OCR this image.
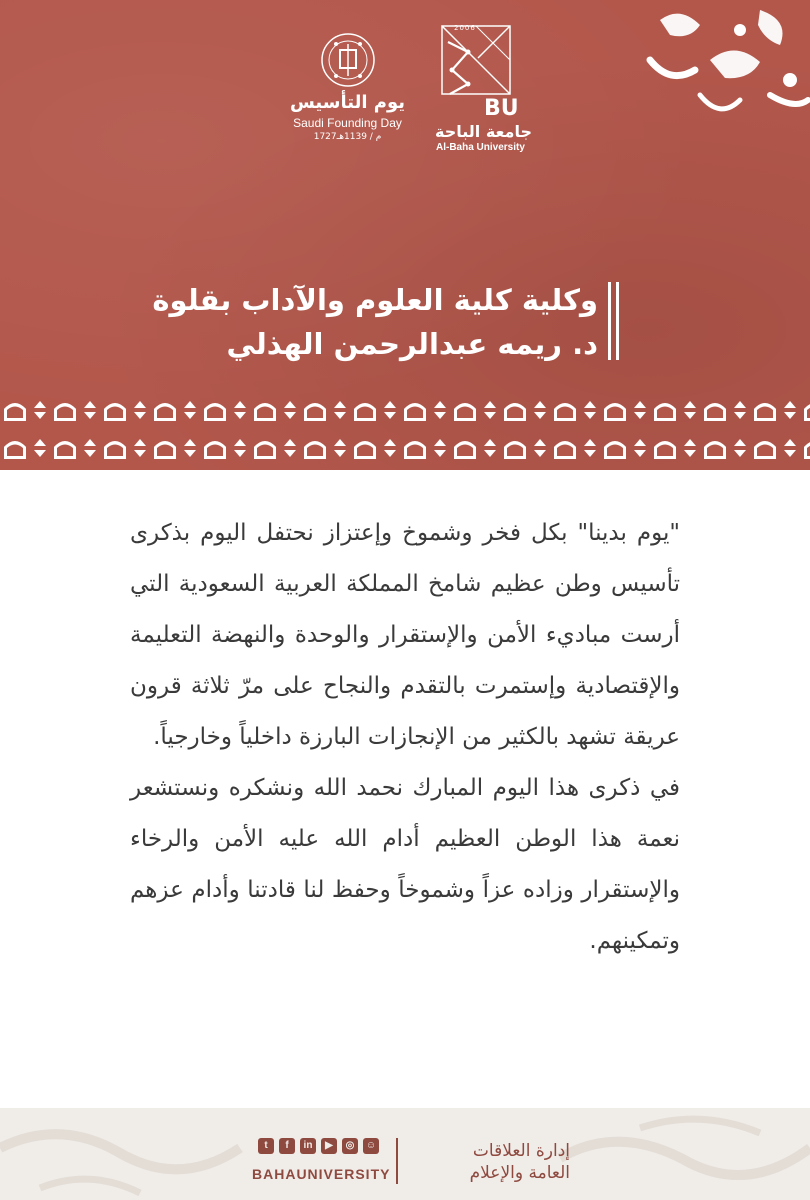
2006
BU
جامعة الباحة
Al-Baha University
يوم التأسيس
Saudi Founding Day
1727م / 1139هـ
وكلية كلية العلوم والآداب بقلوة
د. ريمه عبدالرحمن الهذلي

"يوم بدينا" بكل فخر وشموخ وإعتزاز نحتفل اليوم بذكرى تأسيس وطن عظيم شامخ المملكة العربية السعودية التي أرست مباديء الأمن والإستقرار والوحدة والنهضة التعليمة والإقتصادية وإستمرت بالتقدم والنجاح على مرّ ثلاثة قرون عريقة تشهد بالكثير من الإنجازات البارزة داخلياً وخارجياً.

في ذكرى هذا اليوم المبارك نحمد الله ونشكره ونستشعر نعمة هذا الوطن العظيم أدام الله عليه الأمن والرخاء والإستقرار وزاده عزاً وشموخاً وحفظ لنا قادتنا وأدام عزهم وتمكينهم.

إدارة العلاقات
العامة والإعلام
t	f	in	▶	◎	☺
BAHAUNIVERSITY
